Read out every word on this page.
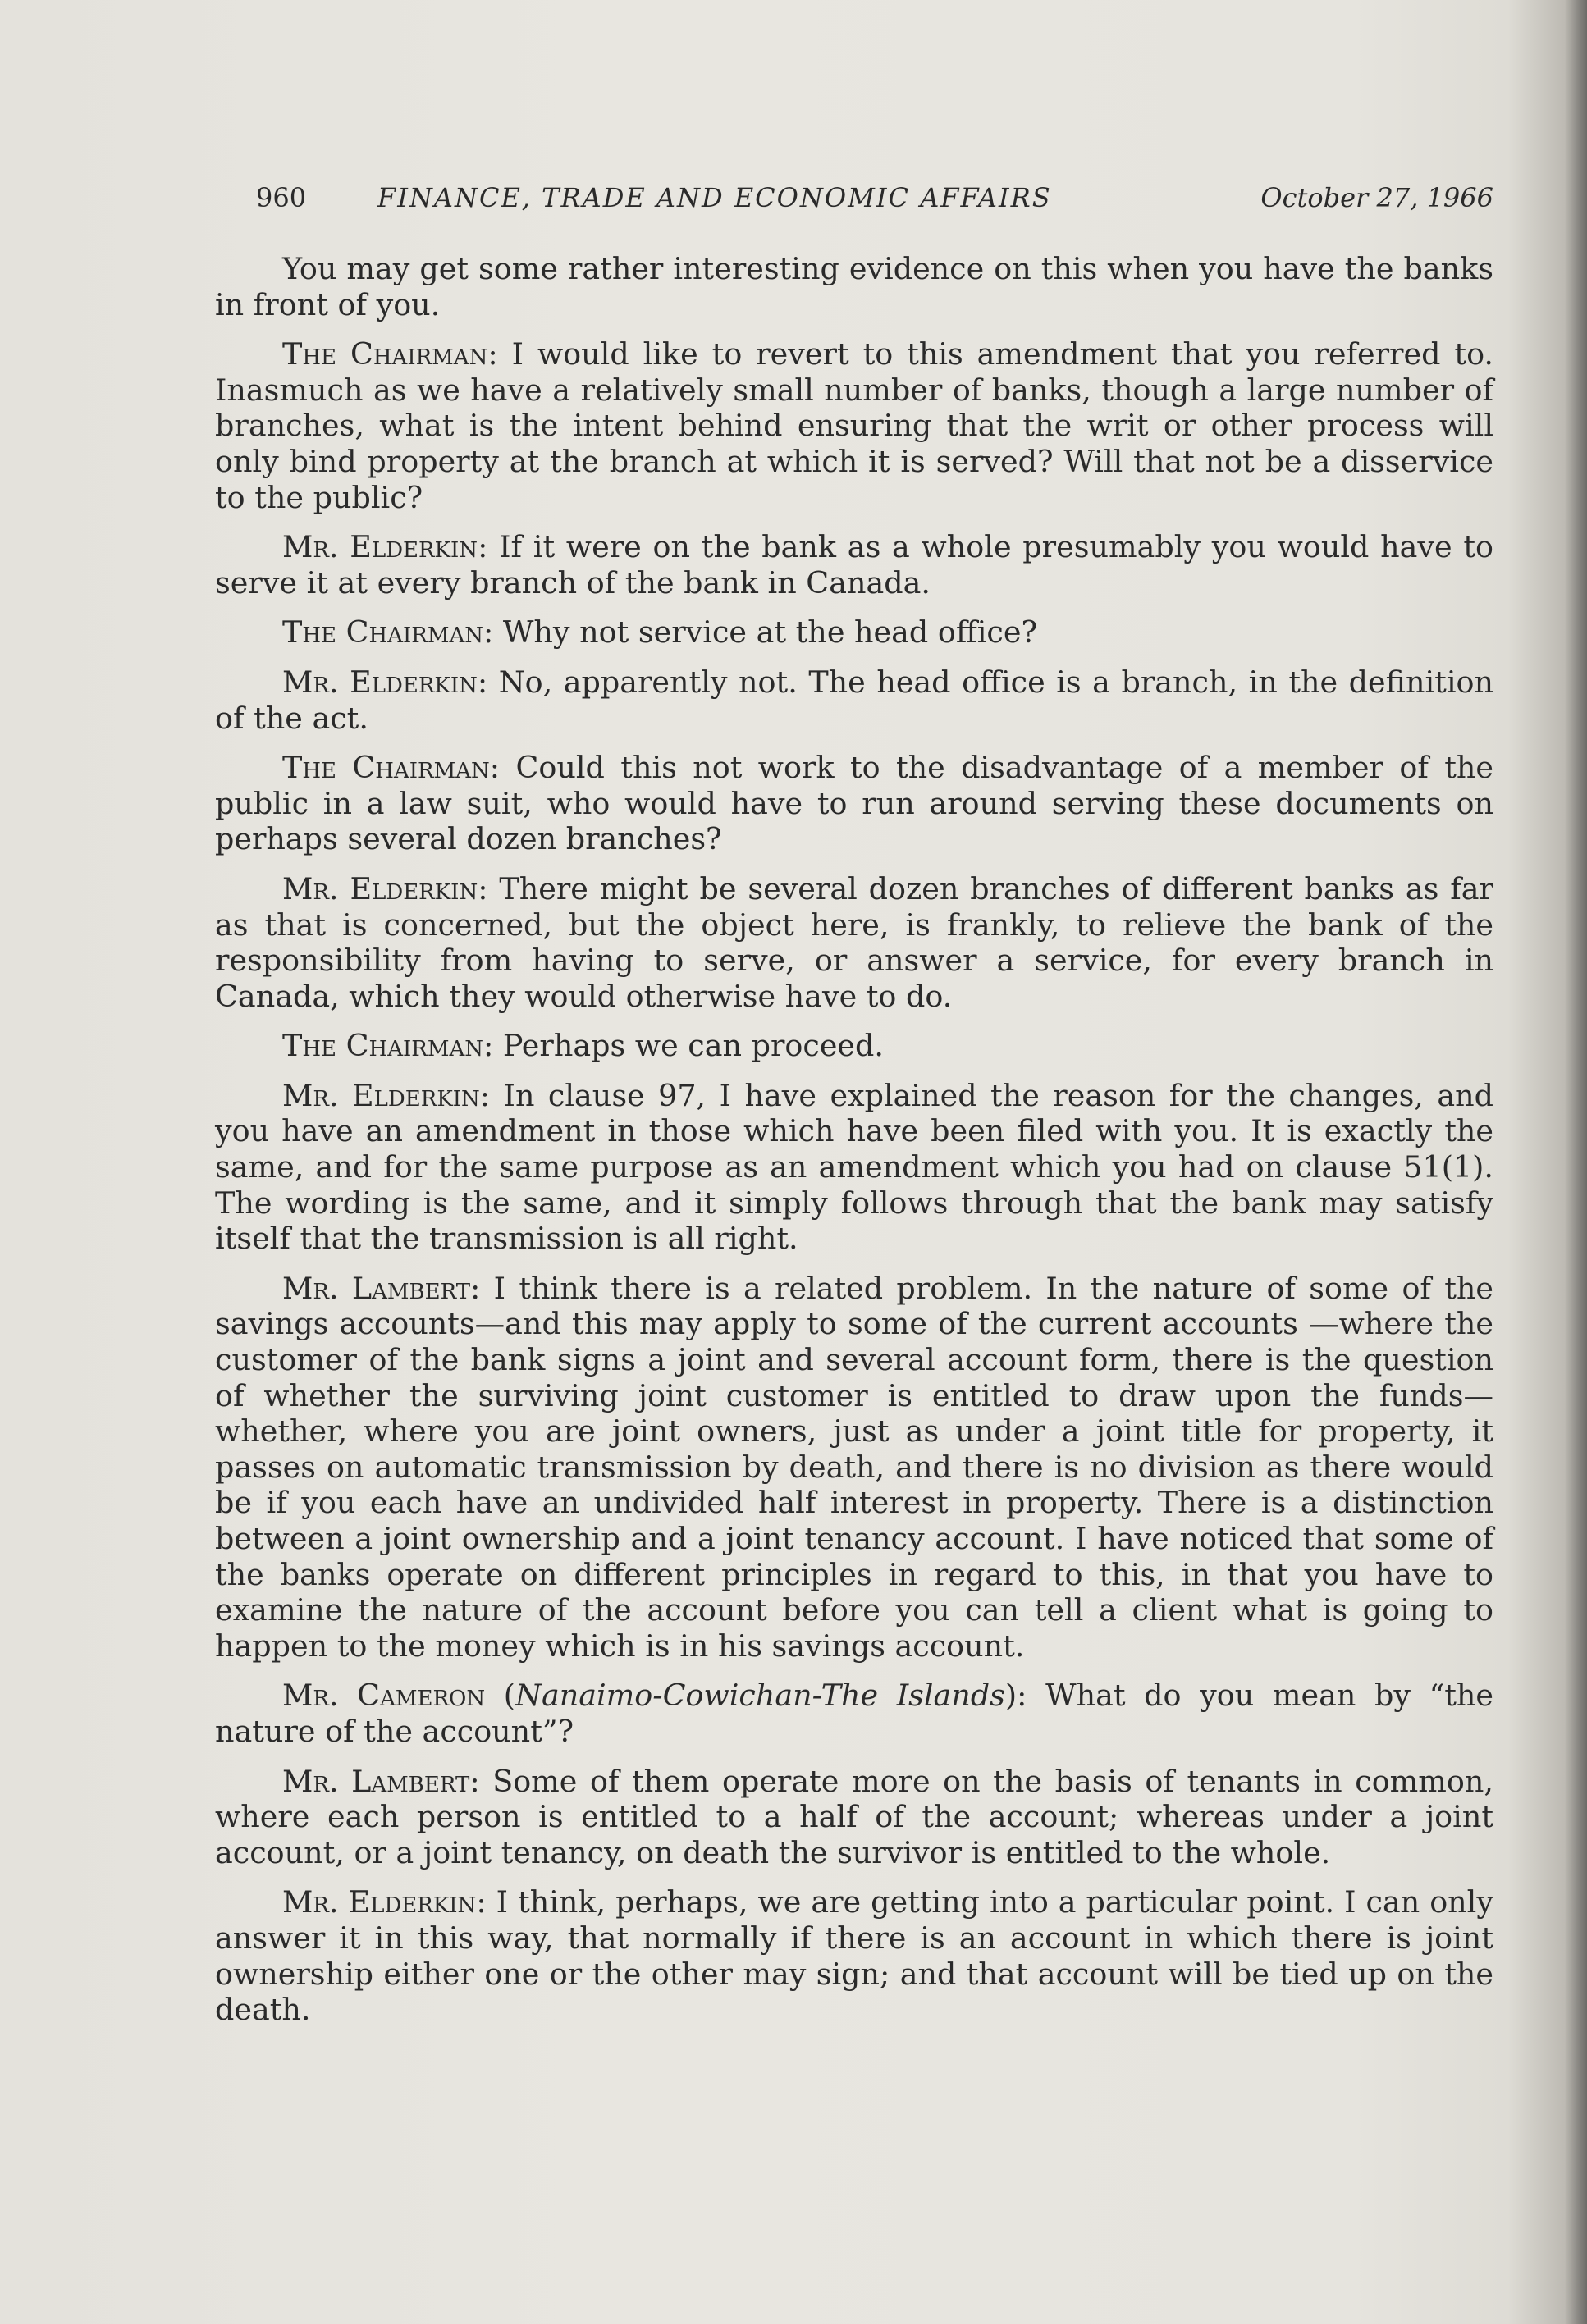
960	FINANCE, TRADE AND ECONOMIC AFFAIRS	October 27, 1966

You may get some rather interesting evidence on this when you have the banks in front of you.

The Chairman: I would like to revert to this amendment that you referred to. Inasmuch as we have a relatively small number of banks, though a large number of branches, what is the intent behind ensuring that the writ or other process will only bind property at the branch at which it is served? Will that not be a disservice to the public?

Mr. Elderkin: If it were on the bank as a whole presumably you would have to serve it at every branch of the bank in Canada.

The Chairman: Why not service at the head office?

Mr. Elderkin: No, apparently not. The head office is a branch, in the definition of the act.

The Chairman: Could this not work to the disadvantage of a member of the public in a law suit, who would have to run around serving these documents on perhaps several dozen branches?

Mr. Elderkin: There might be several dozen branches of different banks as far as that is concerned, but the object here, is frankly, to relieve the bank of the responsibility from having to serve, or answer a service, for every branch in Canada, which they would otherwise have to do.

The Chairman: Perhaps we can proceed.

Mr. Elderkin: In clause 97, I have explained the reason for the changes, and you have an amendment in those which have been filed with you. It is exactly the same, and for the same purpose as an amendment which you had on clause 51(1). The wording is the same, and it simply follows through that the bank may satisfy itself that the transmission is all right.

Mr. Lambert: I think there is a related problem. In the nature of some of the savings accounts—and this may apply to some of the current accounts —where the customer of the bank signs a joint and several account form, there is the question of whether the surviving joint customer is entitled to draw upon the funds—whether, where you are joint owners, just as under a joint title for property, it passes on automatic transmission by death, and there is no division as there would be if you each have an undivided half interest in property. There is a distinction between a joint ownership and a joint tenancy account. I have noticed that some of the banks operate on different principles in regard to this, in that you have to examine the nature of the account before you can tell a client what is going to happen to the money which is in his savings account.

Mr. Cameron (Nanaimo-Cowichan-The Islands): What do you mean by “the nature of the account”?

Mr. Lambert: Some of them operate more on the basis of tenants in common, where each person is entitled to a half of the account; whereas under a joint account, or a joint tenancy, on death the survivor is entitled to the whole.

Mr. Elderkin: I think, perhaps, we are getting into a particular point. I can only answer it in this way, that normally if there is an account in which there is joint ownership either one or the other may sign; and that account will be tied up on the death.
